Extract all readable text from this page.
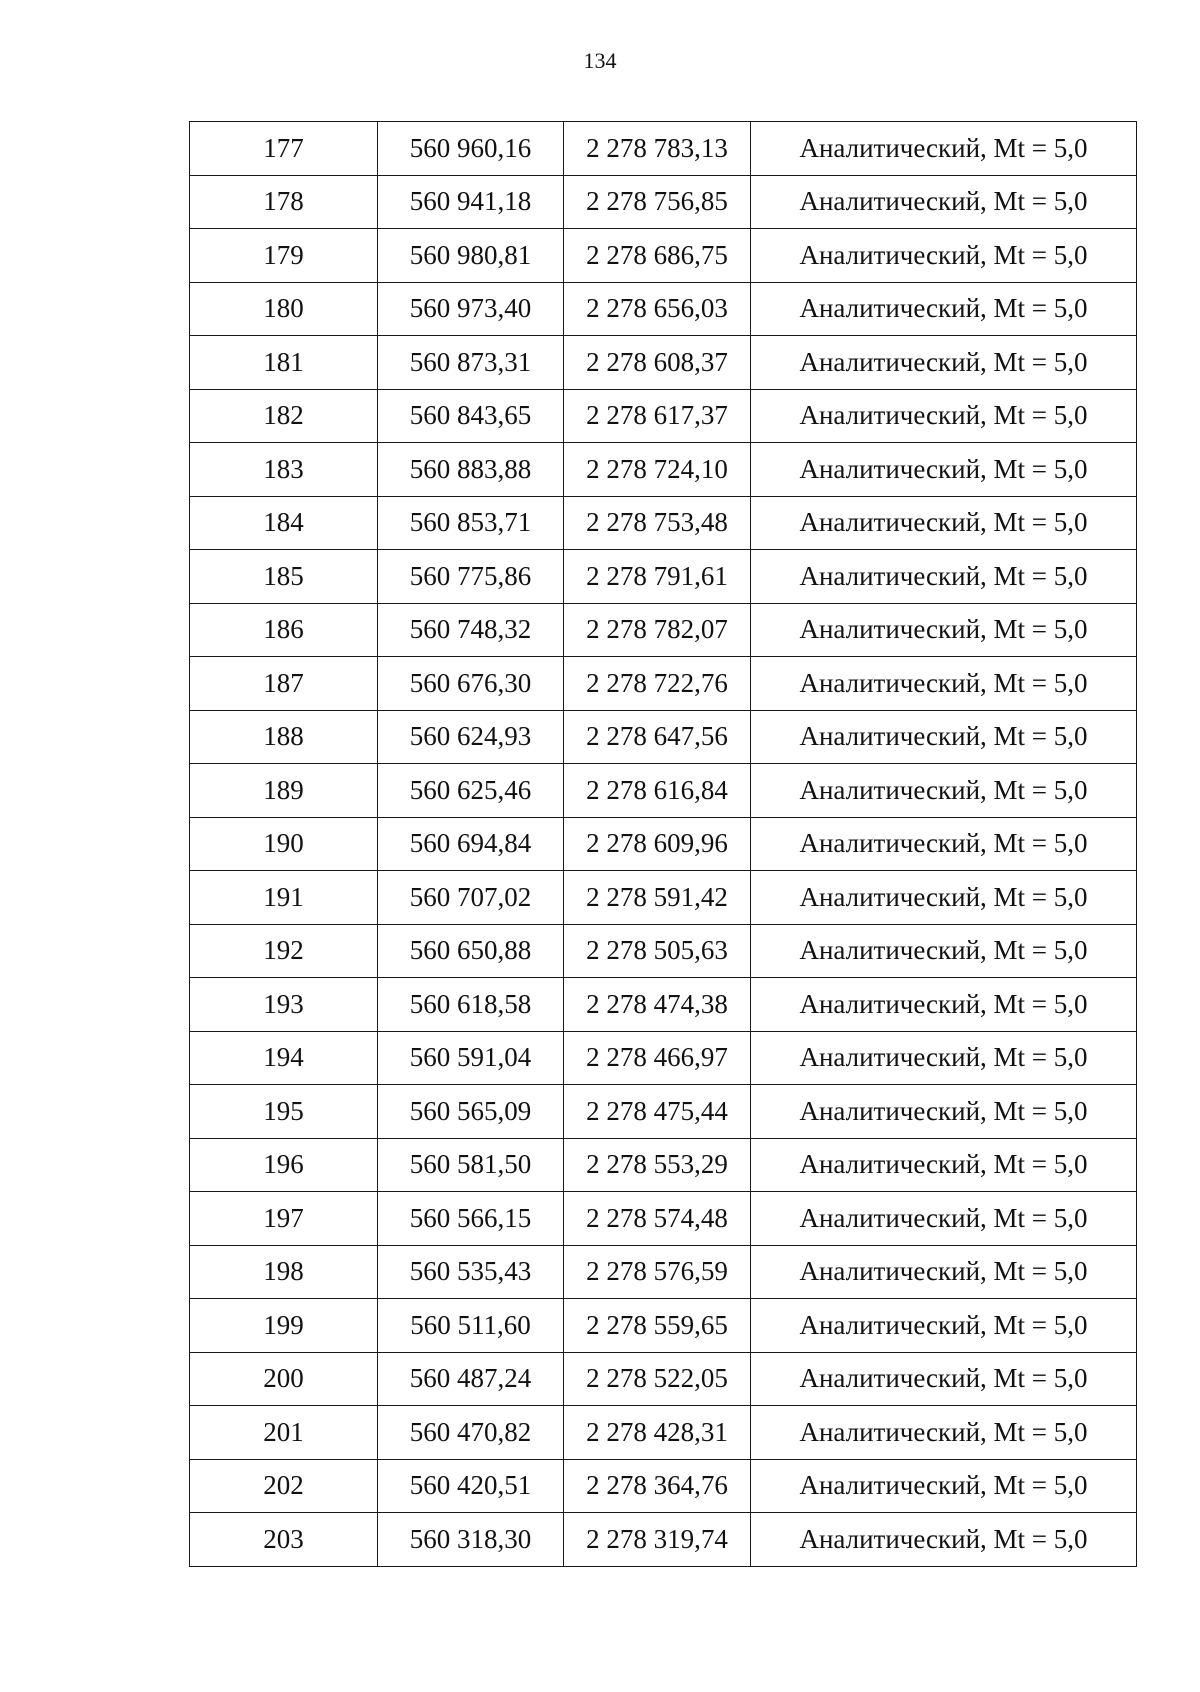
134
177	560 960,16	2 278 783,13	Аналитический, Mt = 5,0
178	560 941,18	2 278 756,85	Аналитический, Mt = 5,0
179	560 980,81	2 278 686,75	Аналитический, Mt = 5,0
180	560 973,40	2 278 656,03	Аналитический, Mt = 5,0
181	560 873,31	2 278 608,37	Аналитический, Mt = 5,0
182	560 843,65	2 278 617,37	Аналитический, Mt = 5,0
183	560 883,88	2 278 724,10	Аналитический, Mt = 5,0
184	560 853,71	2 278 753,48	Аналитический, Mt = 5,0
185	560 775,86	2 278 791,61	Аналитический, Mt = 5,0
186	560 748,32	2 278 782,07	Аналитический, Mt = 5,0
187	560 676,30	2 278 722,76	Аналитический, Mt = 5,0
188	560 624,93	2 278 647,56	Аналитический, Mt = 5,0
189	560 625,46	2 278 616,84	Аналитический, Mt = 5,0
190	560 694,84	2 278 609,96	Аналитический, Mt = 5,0
191	560 707,02	2 278 591,42	Аналитический, Mt = 5,0
192	560 650,88	2 278 505,63	Аналитический, Mt = 5,0
193	560 618,58	2 278 474,38	Аналитический, Mt = 5,0
194	560 591,04	2 278 466,97	Аналитический, Mt = 5,0
195	560 565,09	2 278 475,44	Аналитический, Mt = 5,0
196	560 581,50	2 278 553,29	Аналитический, Mt = 5,0
197	560 566,15	2 278 574,48	Аналитический, Mt = 5,0
198	560 535,43	2 278 576,59	Аналитический, Mt = 5,0
199	560 511,60	2 278 559,65	Аналитический, Mt = 5,0
200	560 487,24	2 278 522,05	Аналитический, Mt = 5,0
201	560 470,82	2 278 428,31	Аналитический, Mt = 5,0
202	560 420,51	2 278 364,76	Аналитический, Mt = 5,0
203	560 318,30	2 278 319,74	Аналитический, Mt = 5,0
